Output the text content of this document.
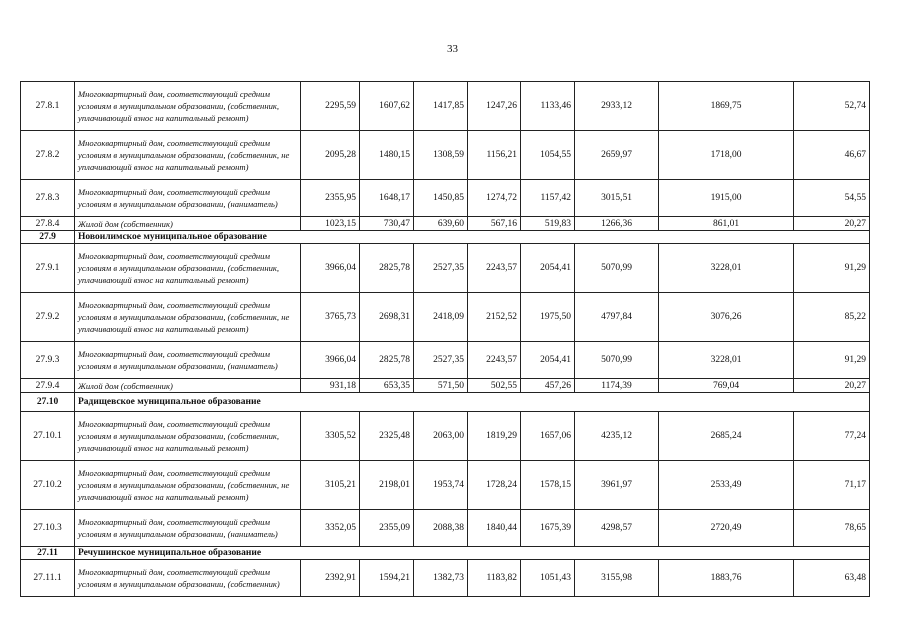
33
27.8.1	Многоквартирный дом, соответствующий средним условиям в муниципальном образовании, (собственник, уплачивающий взнос на капитальный ремонт)	2295,59	1607,62	1417,85	1247,26	1133,46	2933,12	1869,75	52,74
27.8.2	Многоквартирный дом, соответствующий средним условиям в муниципальном образовании, (собственник, не уплачивающий взнос на капитальный ремонт)	2095,28	1480,15	1308,59	1156,21	1054,55	2659,97	1718,00	46,67
27.8.3	Многоквартирный дом, соответствующий средним условиям в муниципальном образовании, (наниматель)	2355,95	1648,17	1450,85	1274,72	1157,42	3015,51	1915,00	54,55
27.8.4	Жилой дом (собственник)	1023,15	730,47	639,60	567,16	519,83	1266,36	861,01	20,27
27.9	Новоилимское муниципальное образование								
27.9.1	Многоквартирный дом, соответствующий средним условиям в муниципальном образовании, (собственник, уплачивающий взнос на капитальный ремонт)	3966,04	2825,78	2527,35	2243,57	2054,41	5070,99	3228,01	91,29
27.9.2	Многоквартирный дом, соответствующий средним условиям в муниципальном образовании, (собственник, не уплачивающий взнос на капитальный ремонт)	3765,73	2698,31	2418,09	2152,52	1975,50	4797,84	3076,26	85,22
27.9.3	Многоквартирный дом, соответствующий средним условиям в муниципальном образовании, (наниматель)	3966,04	2825,78	2527,35	2243,57	2054,41	5070,99	3228,01	91,29
27.9.4	Жилой дом (собственник)	931,18	653,35	571,50	502,55	457,26	1174,39	769,04	20,27
27.10	Радищевское муниципальное образование								
27.10.1	Многоквартирный дом, соответствующий средним условиям в муниципальном образовании, (собственник, уплачивающий взнос на капитальный ремонт)	3305,52	2325,48	2063,00	1819,29	1657,06	4235,12	2685,24	77,24
27.10.2	Многоквартирный дом, соответствующий средним условиям в муниципальном образовании, (собственник, не уплачивающий взнос на капитальный ремонт)	3105,21	2198,01	1953,74	1728,24	1578,15	3961,97	2533,49	71,17
27.10.3	Многоквартирный дом, соответствующий средним условиям в муниципальном образовании, (наниматель)	3352,05	2355,09	2088,38	1840,44	1675,39	4298,57	2720,49	78,65
27.11	Речушинское муниципальное образование								
27.11.1	Многоквартирный дом, соответствующий средним условиям в муниципальном образовании, (собственник)	2392,91	1594,21	1382,73	1183,82	1051,43	3155,98	1883,76	63,48
